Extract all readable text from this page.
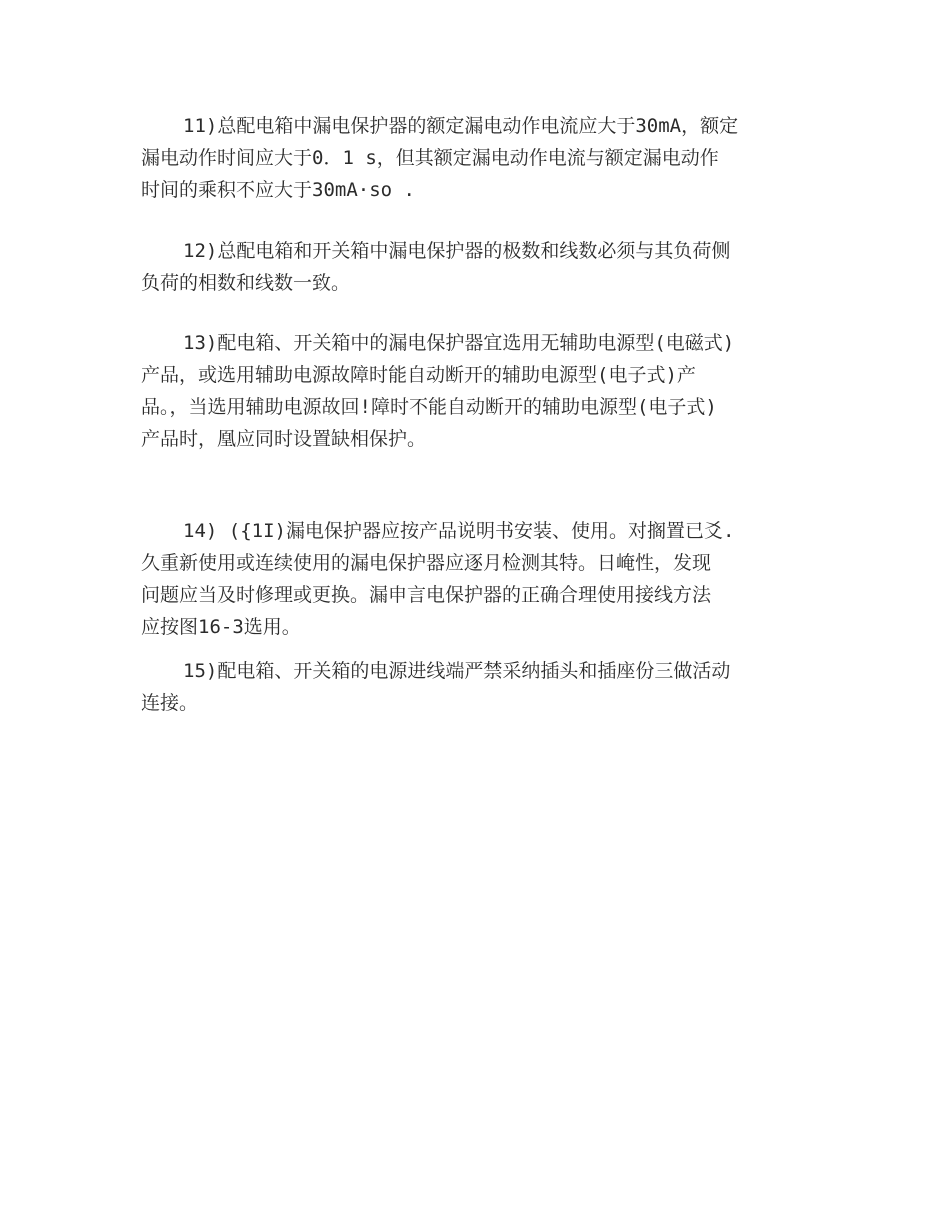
11)总配电箱中漏电保护器的额定漏电动作电流应大于30mA，额定
漏电动作时间应大于0．1 s，但其额定漏电动作电流与额定漏电动作
时间的乘积不应大于30mA·so .

12)总配电箱和开关箱中漏电保护器的极数和线数必须与其负荷侧
负荷的相数和线数一致。

13)配电箱、开关箱中的漏电保护器宜选用无辅助电源型(电磁式)
产品，或选用辅助电源故障时能自动断开的辅助电源型(电子式)产
品。，当选用辅助电源故回!障时不能自动断开的辅助电源型(电子式)
产品时，凰应同时设置缺相保护。

14) ({1I)漏电保护器应按产品说明书安装、使用。对搁置已爻.
久重新使用或连续使用的漏电保护器应逐月检测其特。日崦性，发现
问题应当及时修理或更换。漏申言电保护器的正确合理使用接线方法
应按图16-3选用。

15)配电箱、开关箱的电源进线端严禁采纳插头和插座份三做活动
连接。
